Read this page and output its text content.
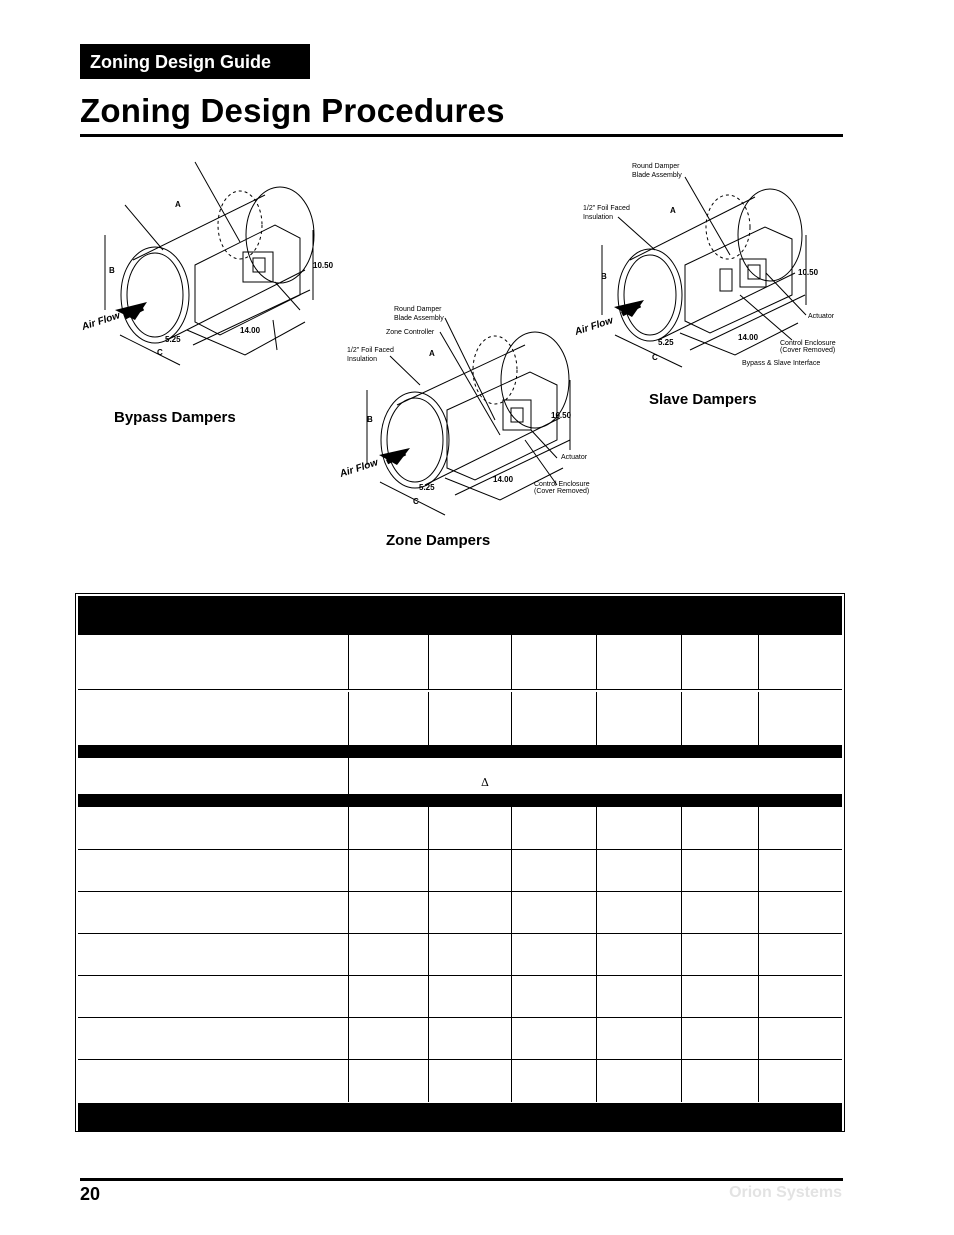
Zoning Design Guide
Zoning Design Procedures
A
B
C
10.50
14.00
5.25
Air Flow
Bypass Dampers
Round Damper
Blade Assembly
Zone Controller
1/2" Foil Faced
Insulation
Actuator
Control Enclosure
(Cover Removed)
A
B
C
10.50
14.00
5.25
Air Flow
Zone Dampers
Round Damper
Blade Assembly
1/2" Foil Faced
Insulation
Actuator
Control Enclosure
(Cover Removed)
Bypass & Slave Interface
A
B
C
10.50
14.00
5.25
Air Flow
Slave Dampers
Δ
20	Orion Systems
